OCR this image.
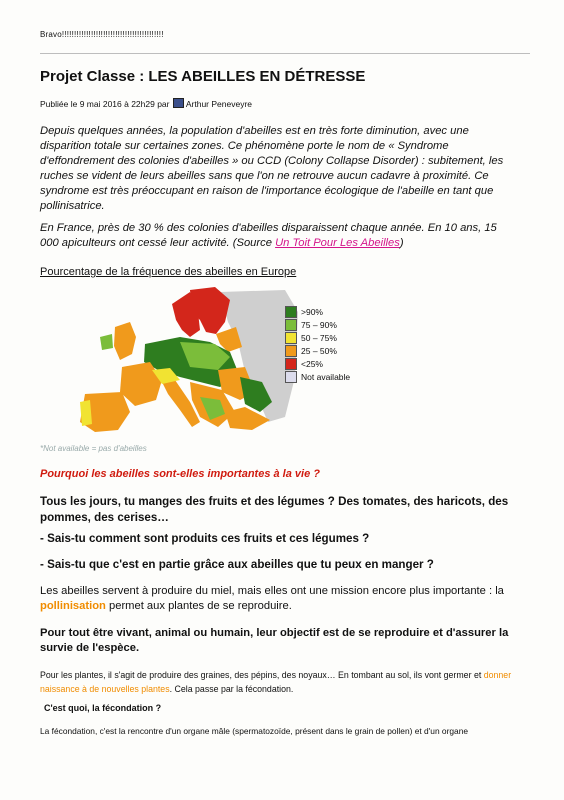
Bravo!!!!!!!!!!!!!!!!!!!!!!!!!!!!!!!!!!!!!!!!!!
Projet Classe : LES ABEILLES EN DÉTRESSE
Publiée le 9 mai 2016 à 22h29 par Arthur Peneveyre
Depuis quelques années, la population d'abeilles est en très forte diminution, avec une disparition totale sur certaines zones. Ce phénomène porte le nom de « Syndrome d'effondrement des colonies d'abeilles » ou CCD (Colony Collapse Disorder) : subitement, les ruches se vident de leurs abeilles sans que l'on ne retrouve aucun cadavre à proximité. Ce syndrome est très préoccupant en raison de l'importance écologique de l'abeille en tant que pollinisatrice.
En France, près de 30 % des colonies d'abeilles disparaissent chaque année. En 10 ans, 15 000 apiculteurs ont cessé leur activité. (Source Un Toit Pour Les Abeilles)
Pourcentage de la fréquence des abeilles en Europe
>90%
75 – 90%
50 – 75%
25 – 50%
<25%
Not available
*Not available = pas d'abeilles
Pourquoi les abeilles sont-elles importantes à la vie ?
Tous les jours, tu manges des fruits et des légumes ? Des tomates, des haricots, des pommes, des cerises…
- Sais-tu comment sont produits ces fruits et ces légumes ?
- Sais-tu que c'est en partie grâce aux abeilles que tu peux en manger ?
Les abeilles servent à produire du miel, mais elles ont une mission encore plus importante : la pollinisation permet aux plantes de se reproduire.
Pour tout être vivant, animal ou humain, leur objectif est de se reproduire et d'assurer la survie de l'espèce.
Pour les plantes, il s'agit de produire des graines, des pépins, des noyaux… En tombant au sol, ils vont germer et donner naissance à de nouvelles plantes. Cela passe par la fécondation.
C'est quoi, la fécondation ?
La fécondation, c'est la rencontre d'un organe mâle (spermatozoïde, présent dans le grain de pollen) et d'un organe
